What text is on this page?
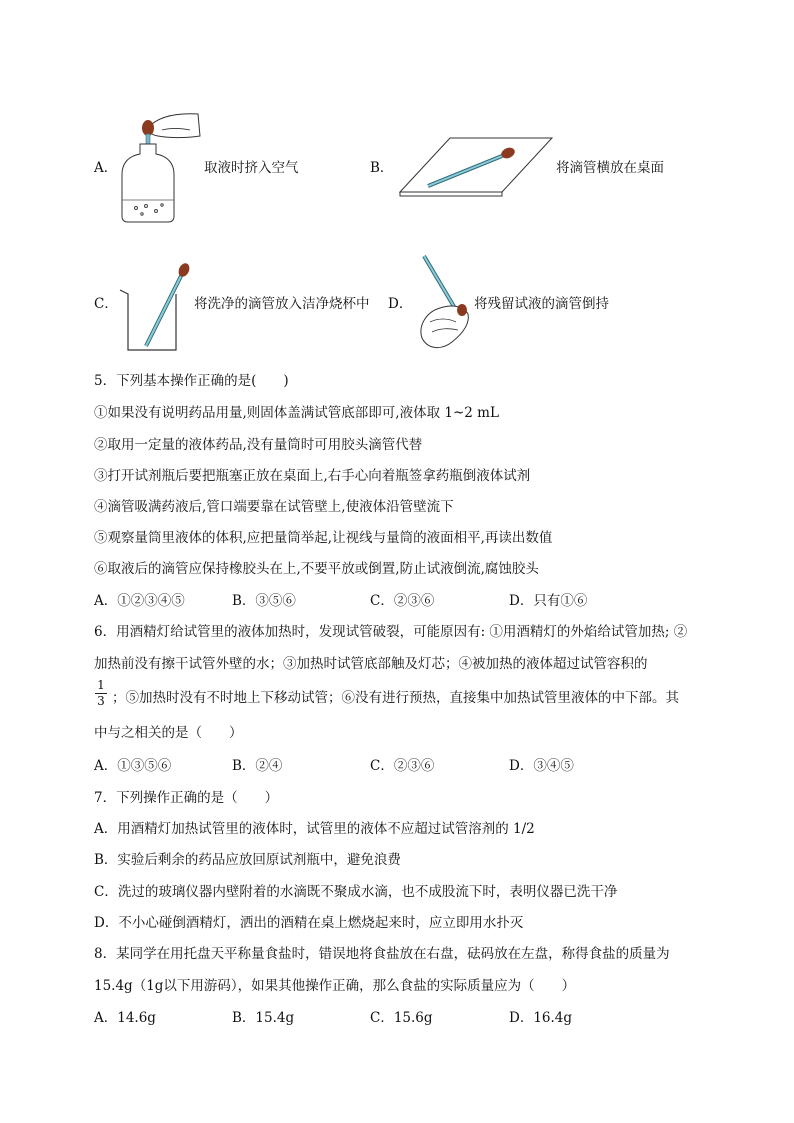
A．	取液时挤入空气	B．	将滴管横放在桌面
C．	将洗净的滴管放入洁净烧杯中 D．	将残留试液的滴管倒持
5．下列基本操作正确的是(　　)
①如果没有说明药品用量,则固体盖满试管底部即可,液体取 1~2 mL
②取用一定量的液体药品,没有量筒时可用胶头滴管代替
③打开试剂瓶后要把瓶塞正放在桌面上,右手心向着瓶签拿药瓶倒液体试剂
④滴管吸满药液后,管口端要靠在试管壁上,使液体沿管壁流下
⑤观察量筒里液体的体积,应把量筒举起,让视线与量筒的液面相平,再读出数值
⑥取液后的滴管应保持橡胶头在上,不要平放或倒置,防止试液倒流,腐蚀胶头
A．①②③④⑤	B．③⑤⑥	C．②③⑥	D．只有①⑥
6．用酒精灯给试管里的液体加热时，发现试管破裂，可能原因有: ①用酒精灯的外焰给试管加热; ②
加热前没有擦干试管外壁的水；③加热时试管底部触及灯芯；④被加热的液体超过试管容积的
1
3 ；⑤加热时没有不时地上下移动试管；⑥没有进行预热，直接集中加热试管里液体的中下部。其
中与之相关的是（　　）
A．①③⑤⑥	B．②④	C．②③⑥	D．③④⑤
7．下列操作正确的是（　　）
A．用酒精灯加热试管里的液体时，试管里的液体不应超过试管溶剂的 1/2
B．实验后剩余的药品应放回原试剂瓶中，避免浪费
C．洗过的玻璃仪器内壁附着的水滴既不聚成水滴，也不成股流下时，表明仪器已洗干净
D．不小心碰倒酒精灯，洒出的酒精在桌上燃烧起来时，应立即用水扑灭
8．某同学在用托盘天平称量食盐时，错误地将食盐放在右盘，砝码放在左盘，称得食盐的质量为
15.4g（1g以下用游码），如果其他操作正确，那么食盐的实际质量应为（　　）
A．14.6g	B．15.4g	C．15.6g	D．16.4g
